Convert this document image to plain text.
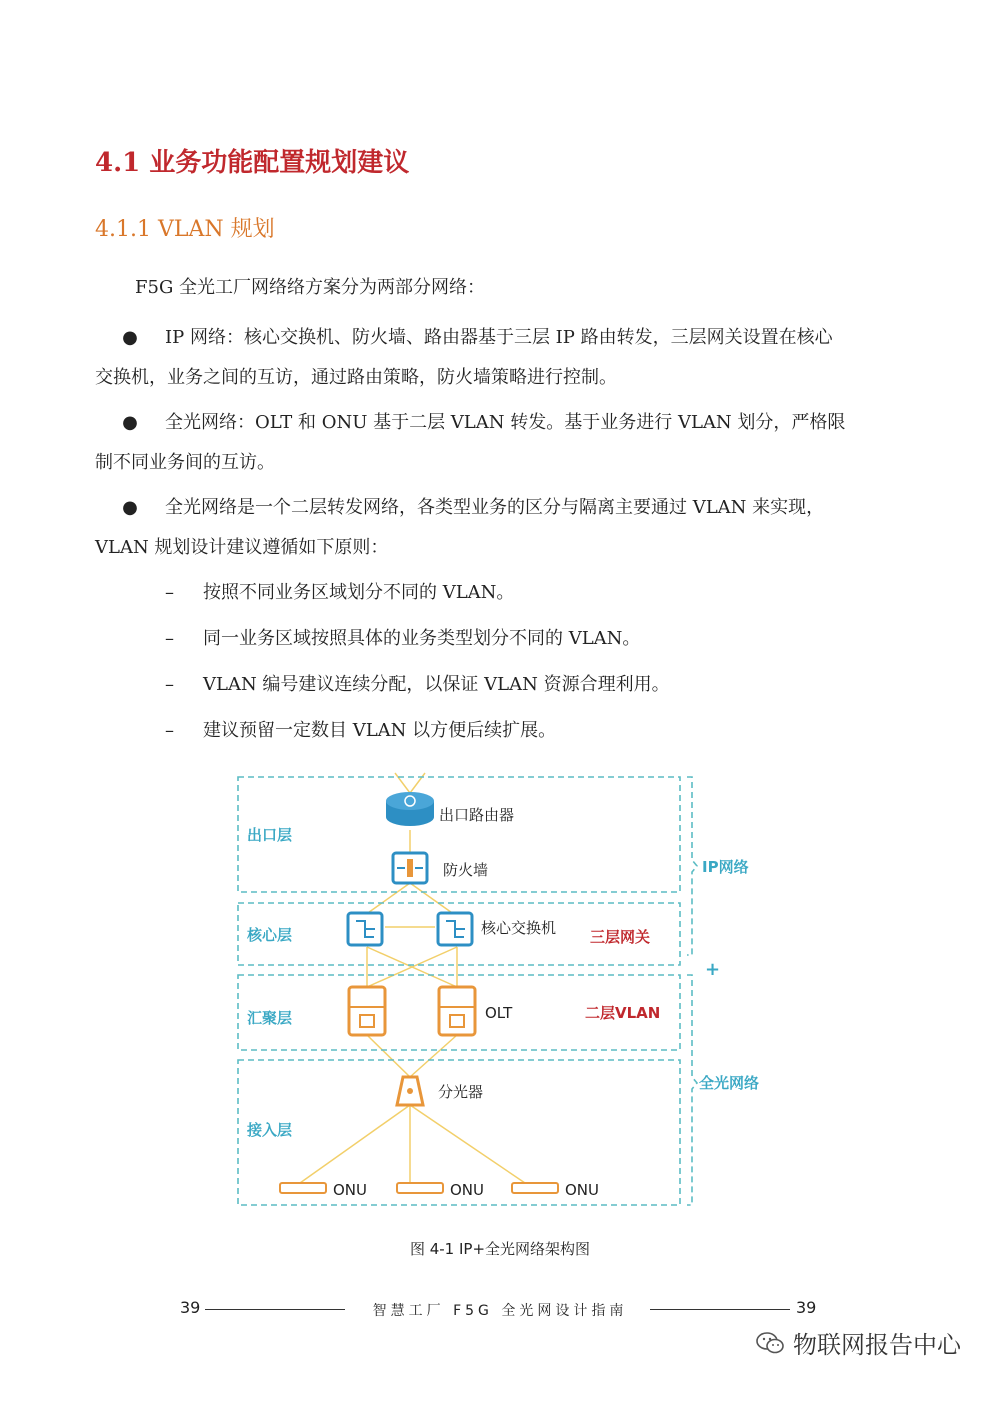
4.1 业务功能配置规划建议
4.1.1 VLAN 规划
F5G 全光工厂网络络方案分为两部分网络：
● IP 网络：核心交换机、防火墙、路由器基于三层 IP 路由转发，三层网关设置在核心
交换机，业务之间的互访，通过路由策略，防火墙策略进行控制。
● 全光网络：OLT 和 ONU 基于二层 VLAN 转发。基于业务进行 VLAN 划分，严格限
制不同业务间的互访。
● 全光网络是一个二层转发网络，各类型业务的区分与隔离主要通过 VLAN 来实现，
VLAN 规划设计建议遵循如下原则：
– 按照不同业务区域划分不同的 VLAN。
– 同一业务区域按照具体的业务类型划分不同的 VLAN。
– VLAN 编号建议连续分配，以保证 VLAN 资源合理利用。
– 建议预留一定数目 VLAN 以方便后续扩展。
出口层
核心层
汇聚层
接入层
出口路由器
防火墙
核心交换机 三层网关
OLT	二层VLAN
分光器
ONU	ONU	ONU
IP网络
+
全光网络
图 4-1 IP+全光网络架构图
39	智慧工厂 F5G 全光网设计指南	39
物联网报告中心
